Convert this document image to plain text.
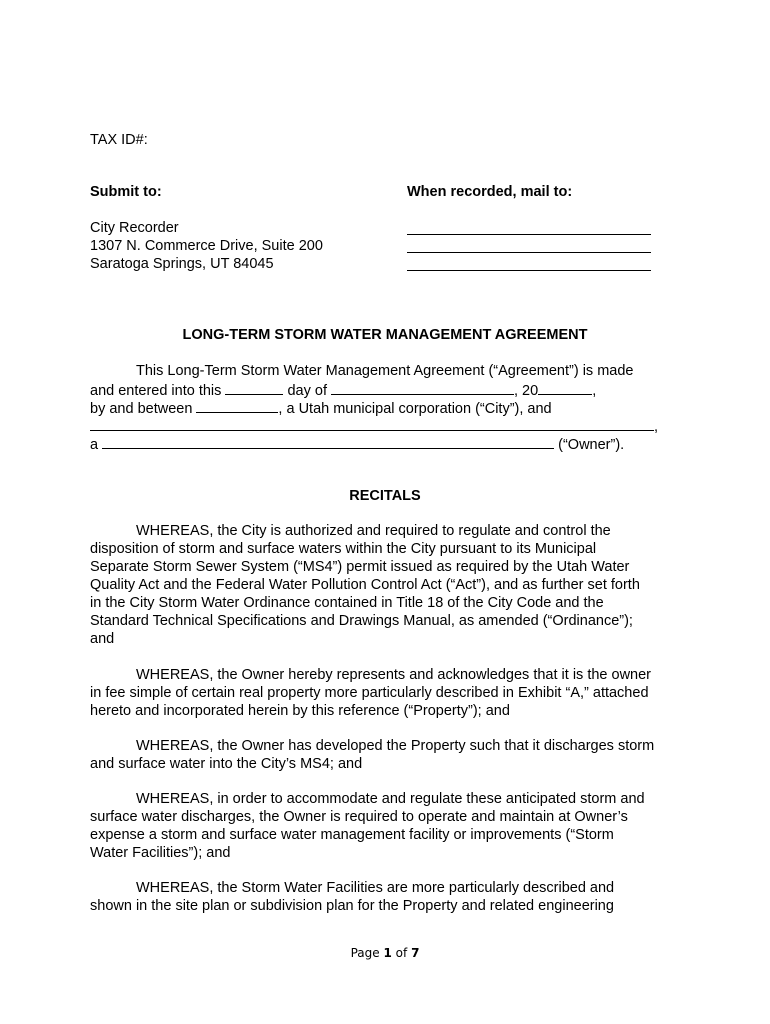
TAX ID#:
Submit to:	When recorded, mail to:
City Recorder
1307 N. Commerce Drive, Suite 200
Saratoga Springs, UT 84045
LONG-TERM STORM WATER MANAGEMENT AGREEMENT
This Long-Term Storm Water Management Agreement (“Agreement”) is made
and entered into this	day of	, 20	,
by and between	, a Utah municipal corporation (“City”), and
,
a	(“Owner”).
RECITALS
WHEREAS, the City is authorized and required to regulate and control the
disposition of storm and surface waters within the City pursuant to its Municipal
Separate Storm Sewer System (“MS4”) permit issued as required by the Utah Water
Quality Act and the Federal Water Pollution Control Act (“Act”), and as further set forth
in the City Storm Water Ordinance contained in Title 18 of the City Code and the
Standard Technical Specifications and Drawings Manual, as amended (“Ordinance”);
and
WHEREAS, the Owner hereby represents and acknowledges that it is the owner
in fee simple of certain real property more particularly described in Exhibit “A,” attached
hereto and incorporated herein by this reference (“Property”); and
WHEREAS, the Owner has developed the Property such that it discharges storm
and surface water into the City’s MS4; and
WHEREAS, in order to accommodate and regulate these anticipated storm and
surface water discharges, the Owner is required to operate and maintain at Owner’s
expense a storm and surface water management facility or improvements (“Storm
Water Facilities”); and
WHEREAS, the Storm Water Facilities are more particularly described and
shown in the site plan or subdivision plan for the Property and related engineering
Page 1 of 7
